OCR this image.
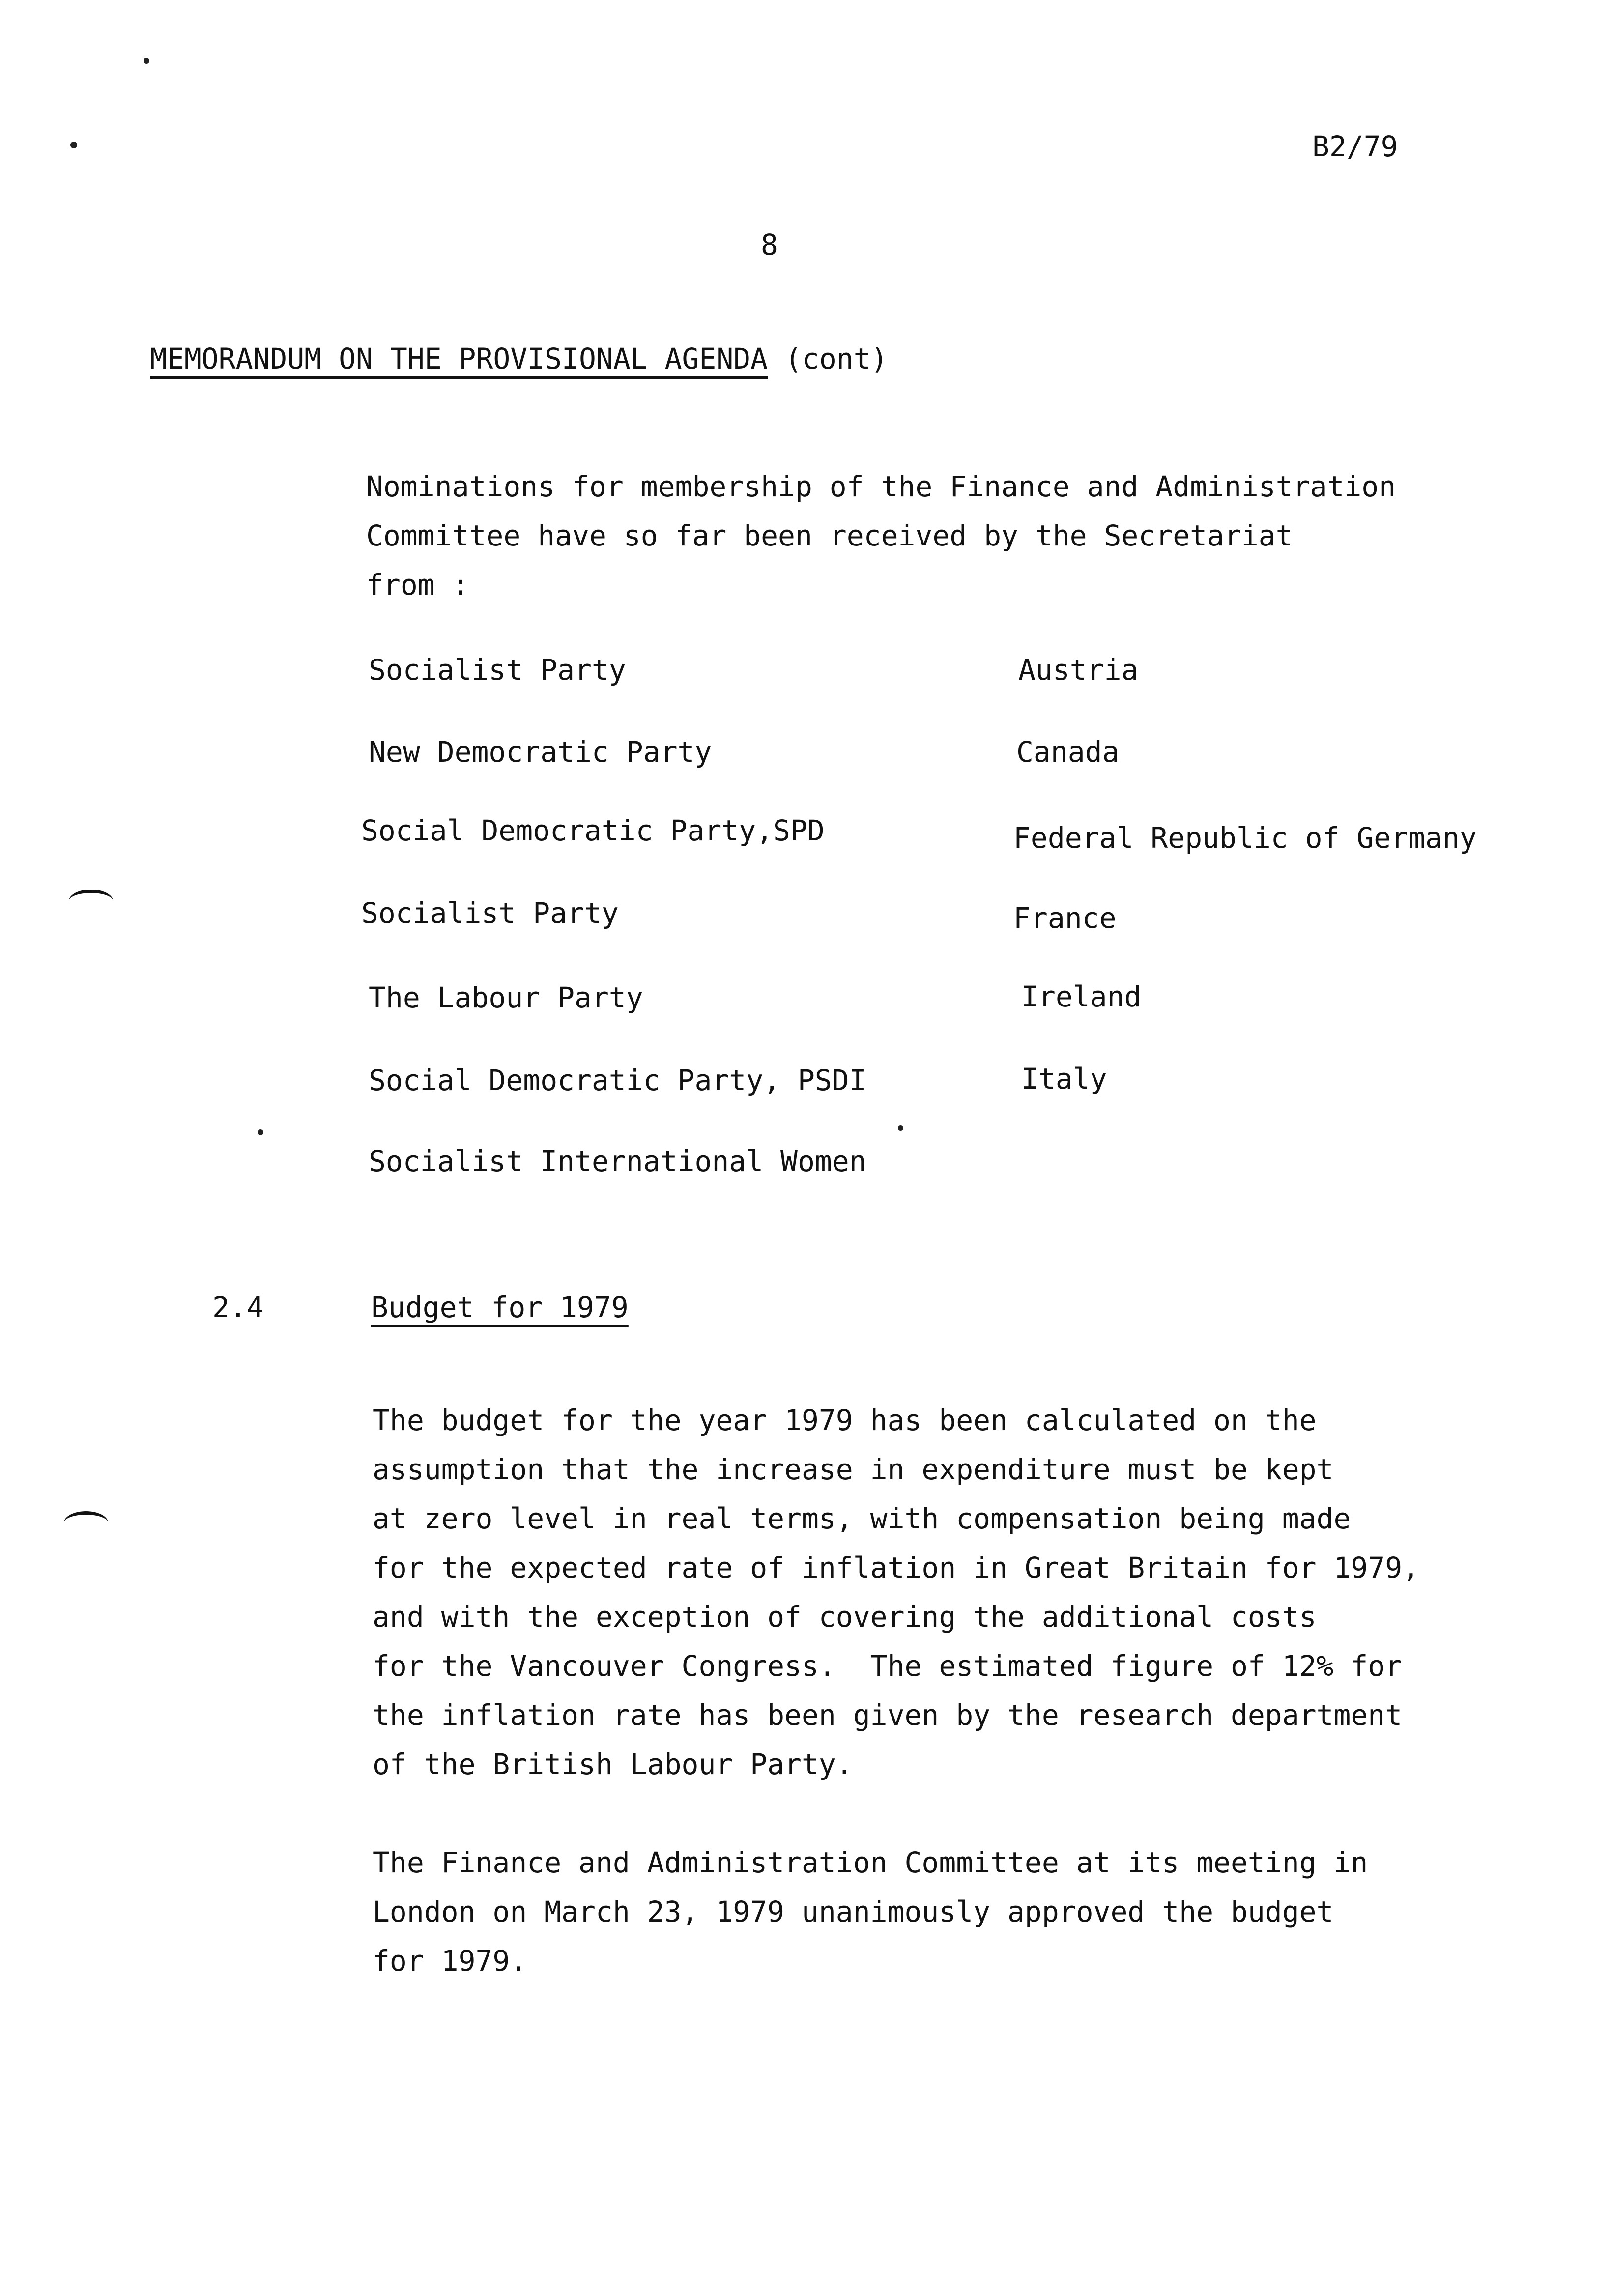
B2/79
8
MEMORANDUM ON THE PROVISIONAL AGENDA (cont)
Nominations for membership of the Finance and Administration
Committee have so far been received by the Secretariat
from :
Socialist Party	Austria
New Democratic Party	Canada
Social Democratic Party,SPD	Federal Republic of Germany
Socialist Party	France
The Labour Party	Ireland
Social Democratic Party, PSDI	Italy
Socialist International Women
2.4	Budget for 1979
The budget for the year 1979 has been calculated on the
assumption that the increase in expenditure must be kept
at zero level in real terms, with compensation being made
for the expected rate of inflation in Great Britain for 1979,
and with the exception of covering the additional costs
for the Vancouver Congress.  The estimated figure of 12% for
the inflation rate has been given by the research department
of the British Labour Party.
The Finance and Administration Committee at its meeting in
London on March 23, 1979 unanimously approved the budget
for 1979.
